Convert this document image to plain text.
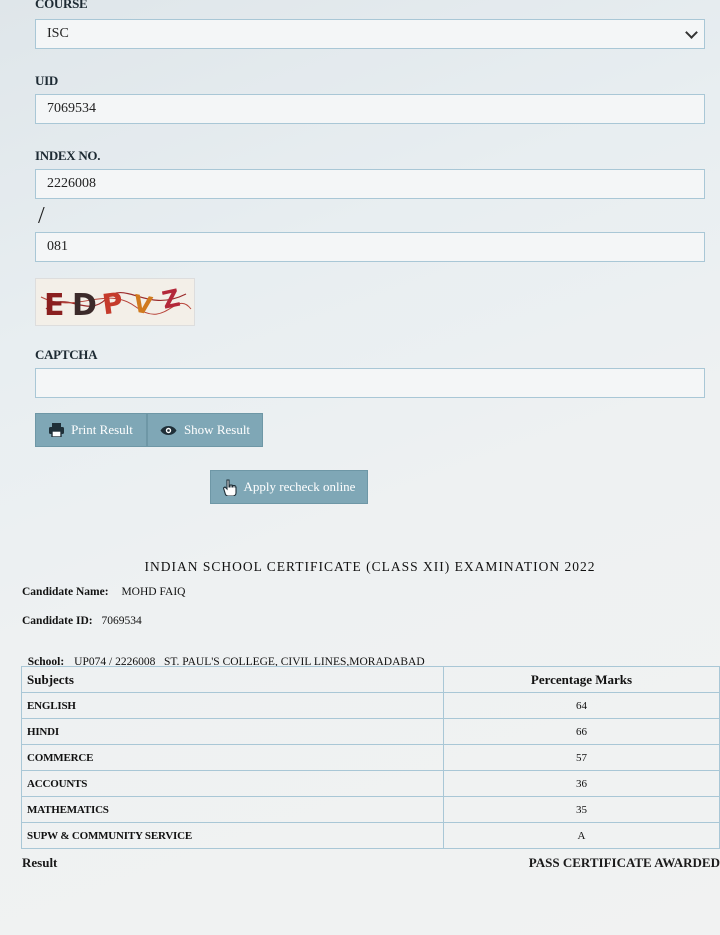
COURSE
ISC
UID
7069534
INDEX NO.
2226008
/
081
E D P V Z
CAPTCHA
Print Result	Show Result
Apply recheck online
INDIAN SCHOOL CERTIFICATE (CLASS XII) EXAMINATION 2022
Candidate Name: MOHD FAIQ
Candidate ID: 7069534

School: UP074 / 2226008   ST. PAUL'S COLLEGE, CIVIL LINES,MORADABAD

Subjects	Percentage Marks
ENGLISH	64
HINDI	66
COMMERCE	57
ACCOUNTS	36
MATHEMATICS	35
SUPW & COMMUNITY SERVICE	A
Result	PASS CERTIFICATE AWARDED
